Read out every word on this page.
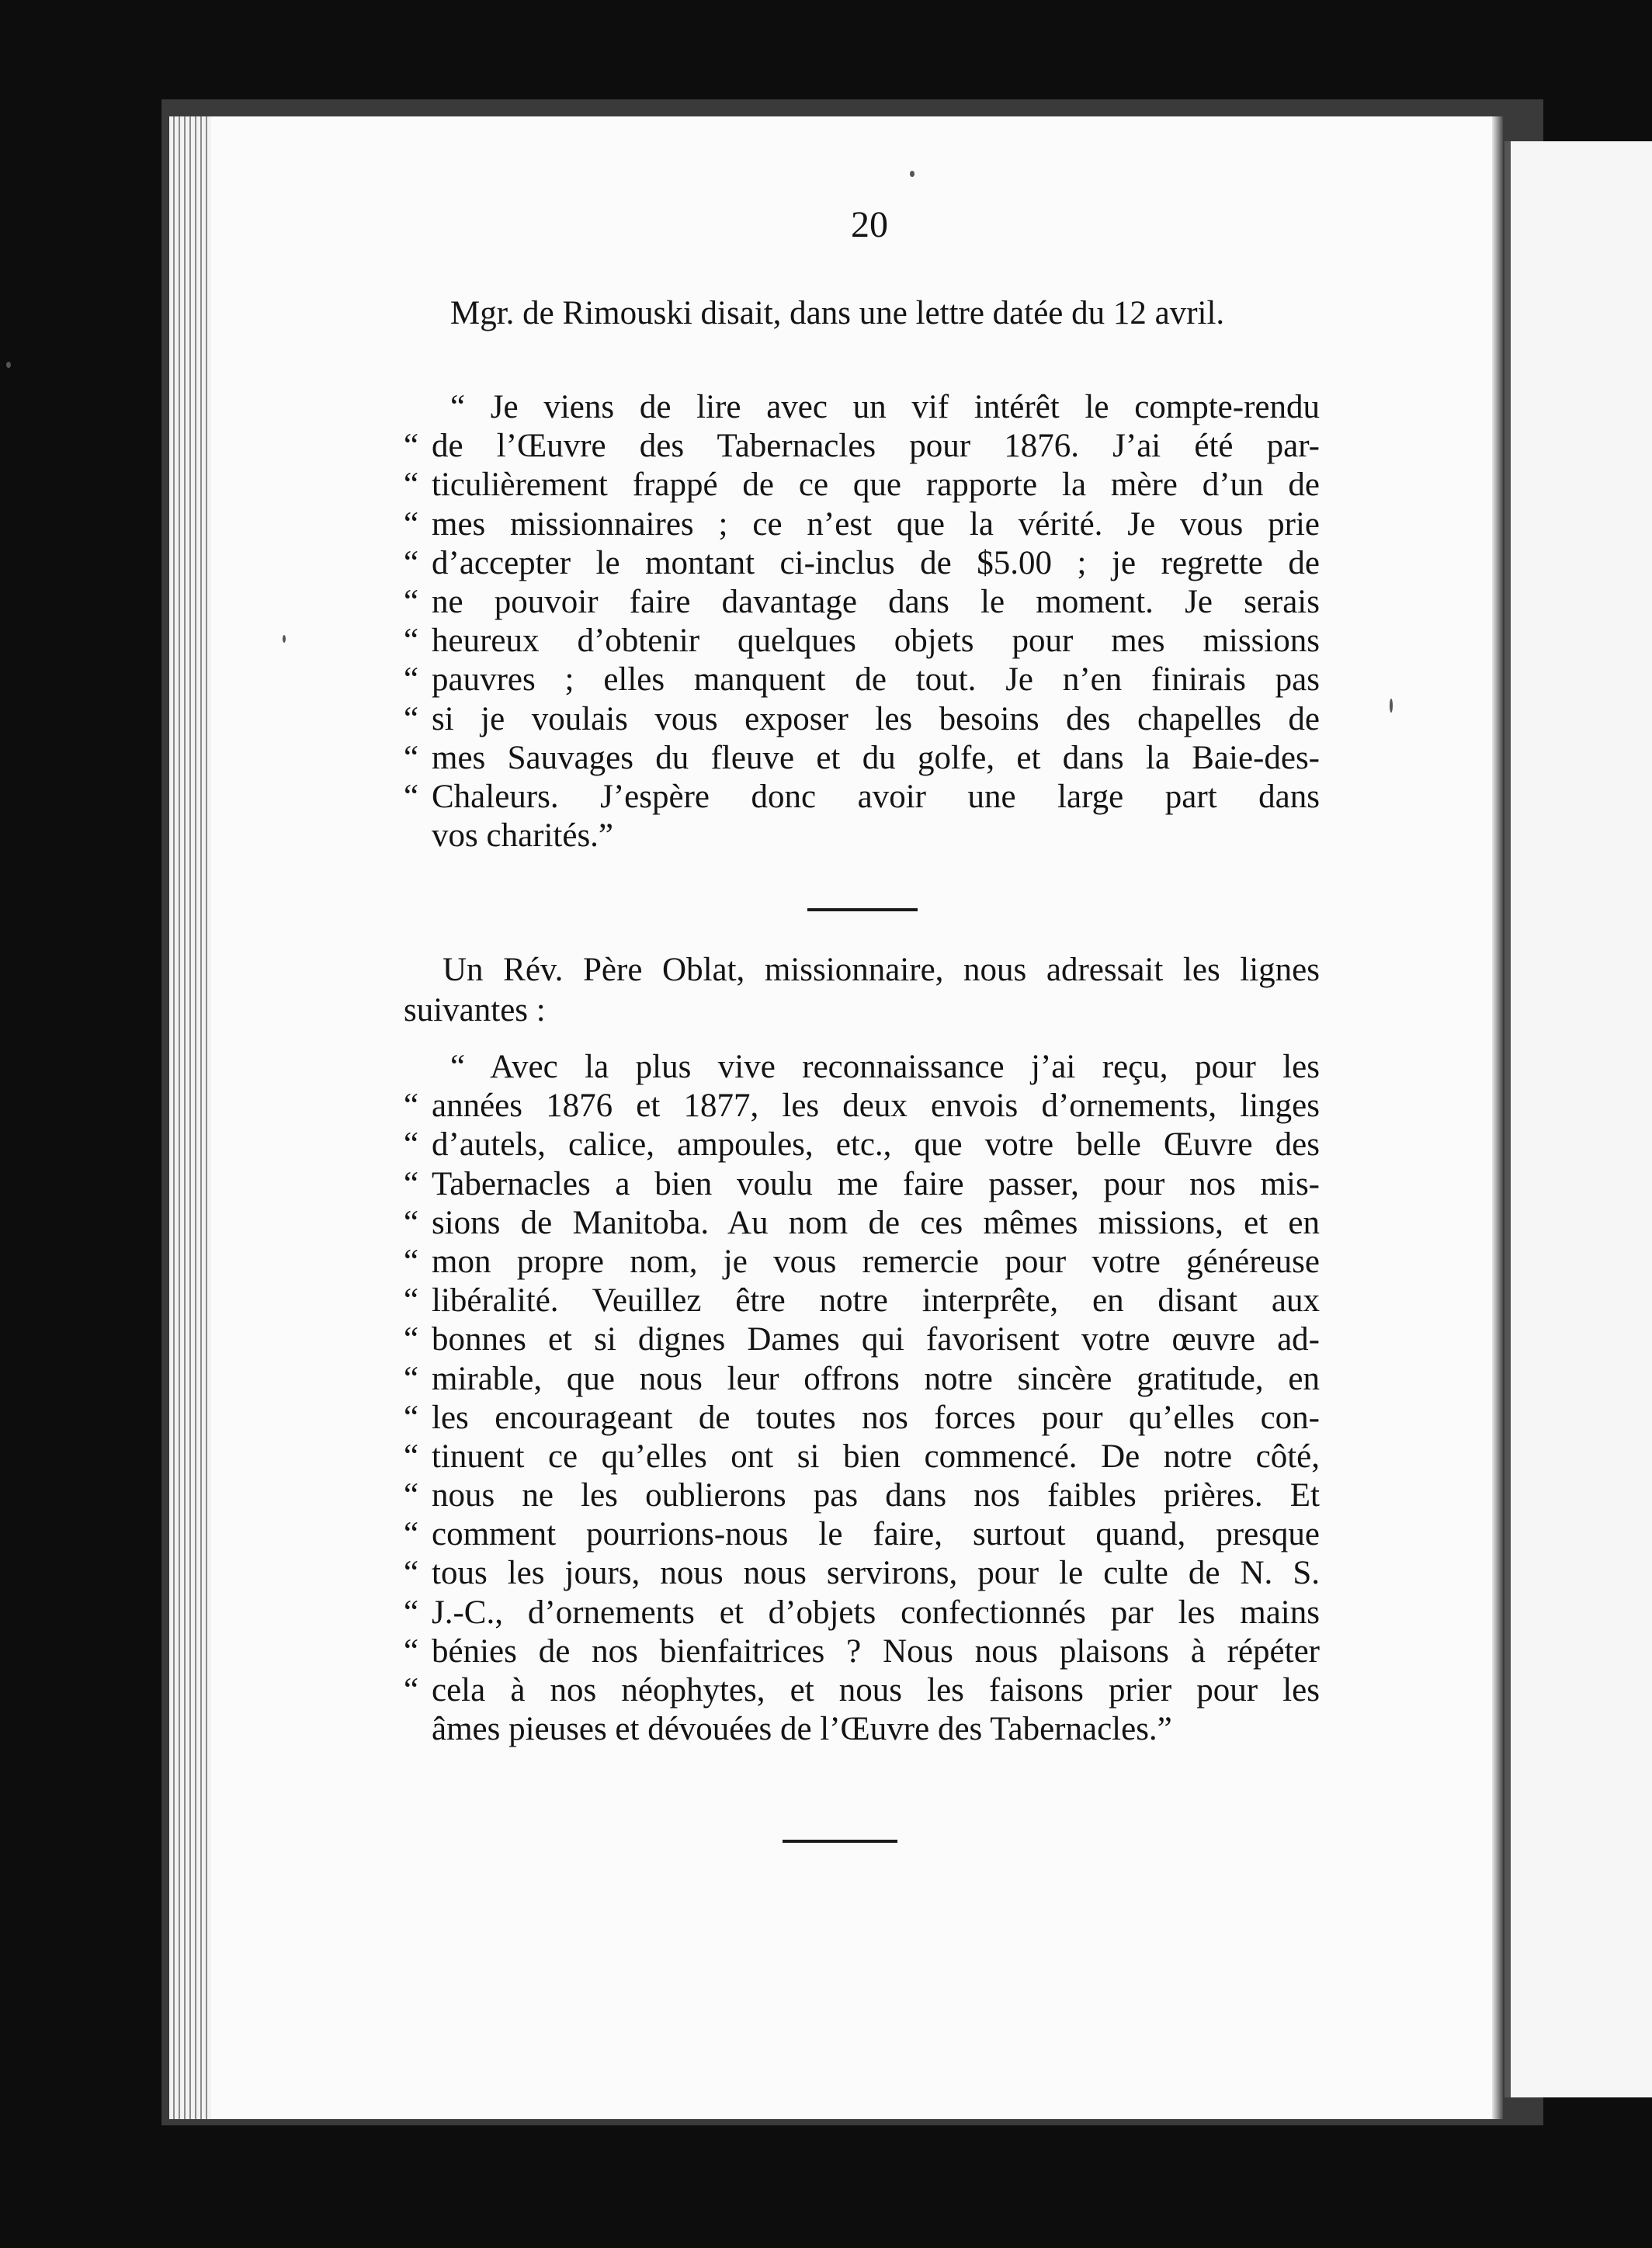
20

Mgr. de Rimouski disait, dans une lettre datée du 12 avril.

“ Je viens de lire avec un vif intérêt le compte-rendu
“ de l’Œuvre des Tabernacles pour 1876. J’ai été par-
“ ticulièrement frappé de ce que rapporte la mère d’un de
“ mes missionnaires ; ce n’est que la vérité. Je vous prie
“ d’accepter le montant ci-inclus de $5.00 ; je regrette de
“ ne pouvoir faire davantage dans le moment. Je serais
“ heureux d’obtenir quelques objets pour mes missions
“ pauvres ; elles manquent de tout. Je n’en finirais pas
“ si je voulais vous exposer les besoins des chapelles de
“ mes Sauvages du fleuve et du golfe, et dans la Baie-des-
“ Chaleurs. J’espère donc avoir une large part dans
vos charités.”

Un Rév. Père Oblat, missionnaire, nous adressait les lignes suivantes :

“ Avec la plus vive reconnaissance j’ai reçu, pour les
“ années 1876 et 1877, les deux envois d’ornements, linges
“ d’autels, calice, ampoules, etc., que votre belle Œuvre des
“ Tabernacles a bien voulu me faire passer, pour nos mis-
“ sions de Manitoba. Au nom de ces mêmes missions, et en
“ mon propre nom, je vous remercie pour votre généreuse
“ libéralité. Veuillez être notre interprête, en disant aux
“ bonnes et si dignes Dames qui favorisent votre œuvre ad-
“ mirable, que nous leur offrons notre sincère gratitude, en
“ les encourageant de toutes nos forces pour qu’elles con-
“ tinuent ce qu’elles ont si bien commencé. De notre côté,
“ nous ne les oublierons pas dans nos faibles prières. Et
“ comment pourrions-nous le faire, surtout quand, presque
“ tous les jours, nous nous servirons, pour le culte de N. S.
“ J.-C., d’ornements et d’objets confectionnés par les mains
“ bénies de nos bienfaitrices ? Nous nous plaisons à répéter
“ cela à nos néophytes, et nous les faisons prier pour les
âmes pieuses et dévouées de l’Œuvre des Tabernacles.”
